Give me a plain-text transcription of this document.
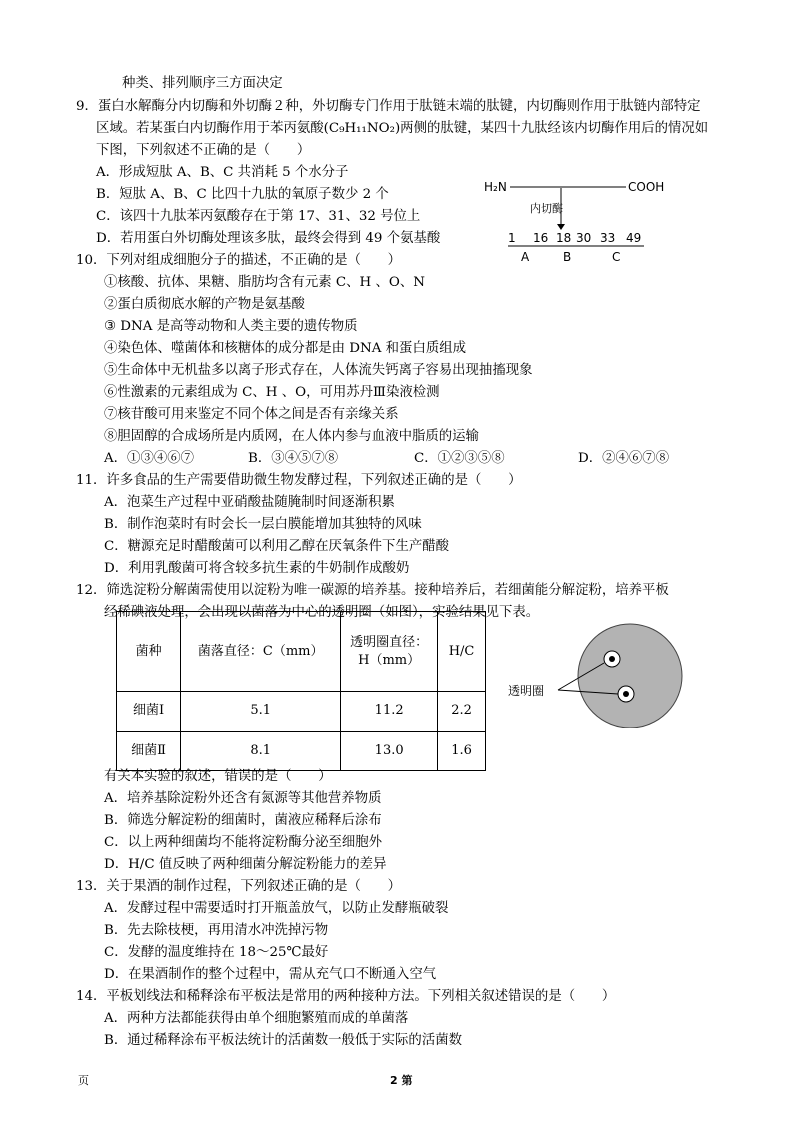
种类、排列顺序三方面决定
9．蛋白水解酶分内切酶和外切酶２种，外切酶专门作用于肽链末端的肽键，内切酶则作用于肽链内部特定
区域。若某蛋白内切酶作用于苯丙氨酸(C₉H₁₁NO₂)两侧的肽键，某四十九肽经该内切酶作用后的情况如
下图，下列叙述不正确的是（　　）
A．形成短肽 A、B、C 共消耗 5 个水分子
B．短肽 A、B、C 比四十九肽的氧原子数少 2 个
C．该四十九肽苯丙氨酸存在于第 17、31、32 号位上
D．若用蛋白外切酶处理该多肽，最终会得到 49 个氨基酸
H₂N	COOH
内切酶
1 16 18 30 33 49
A	B	C
10．下列对组成细胞分子的描述，不正确的是（　　）
①核酸、抗体、果糖、脂肪均含有元素 C、H 、O、N
②蛋白质彻底水解的产物是氨基酸
③ DNA 是高等动物和人类主要的遗传物质
④染色体、噬菌体和核糖体的成分都是由 DNA 和蛋白质组成
⑤生命体中无机盐多以离子形式存在，人体流失钙离子容易出现抽搐现象
⑥性激素的元素组成为 C、H 、O，可用苏丹Ⅲ染液检测
⑦核苷酸可用来鉴定不同个体之间是否有亲缘关系
⑧胆固醇的合成场所是内质网，在人体内参与血液中脂质的运输
A．①③④⑥⑦	B．③④⑤⑦⑧	C．①②③⑤⑧	D．②④⑥⑦⑧
11．许多食品的生产需要借助微生物发酵过程，下列叙述正确的是（　　）
A．泡菜生产过程中亚硝酸盐随腌制时间逐渐积累
B．制作泡菜时有时会长一层白膜能增加其独特的风味
C．糖源充足时醋酸菌可以利用乙醇在厌氧条件下生产醋酸
D．利用乳酸菌可将含较多抗生素的牛奶制作成酸奶
12．筛选淀粉分解菌需使用以淀粉为唯一碳源的培养基。接种培养后，若细菌能分解淀粉，培养平板
经稀碘液处理，会出现以菌落为中心的透明圈（如图），实验结果见下表。
菌种	菌落直径：C（mm）	透明圈直径：H（mm）	H/C
细菌Ⅰ	5.1	11.2	2.2
细菌Ⅱ	8.1	13.0	1.6
透明圈
有关本实验的叙述，错误的是（　　）
A．培养基除淀粉外还含有氮源等其他营养物质
B．筛选分解淀粉的细菌时，菌液应稀释后涂布
C．以上两种细菌均不能将淀粉酶分泌至细胞外
D．H/C 值反映了两种细菌分解淀粉能力的差异
13．关于果酒的制作过程，下列叙述正确的是（　　）
A．发酵过程中需要适时打开瓶盖放气，以防止发酵瓶破裂
B．先去除枝梗，再用清水冲洗掉污物
C．发酵的温度维持在 18～25℃最好
D．在果酒制作的整个过程中，需从充气口不断通入空气
14．平板划线法和稀释涂布平板法是常用的两种接种方法。下列相关叙述错误的是（　　）
A．两种方法都能获得由单个细胞繁殖而成的单菌落
B．通过稀释涂布平板法统计的活菌数一般低于实际的活菌数
页	2 第
